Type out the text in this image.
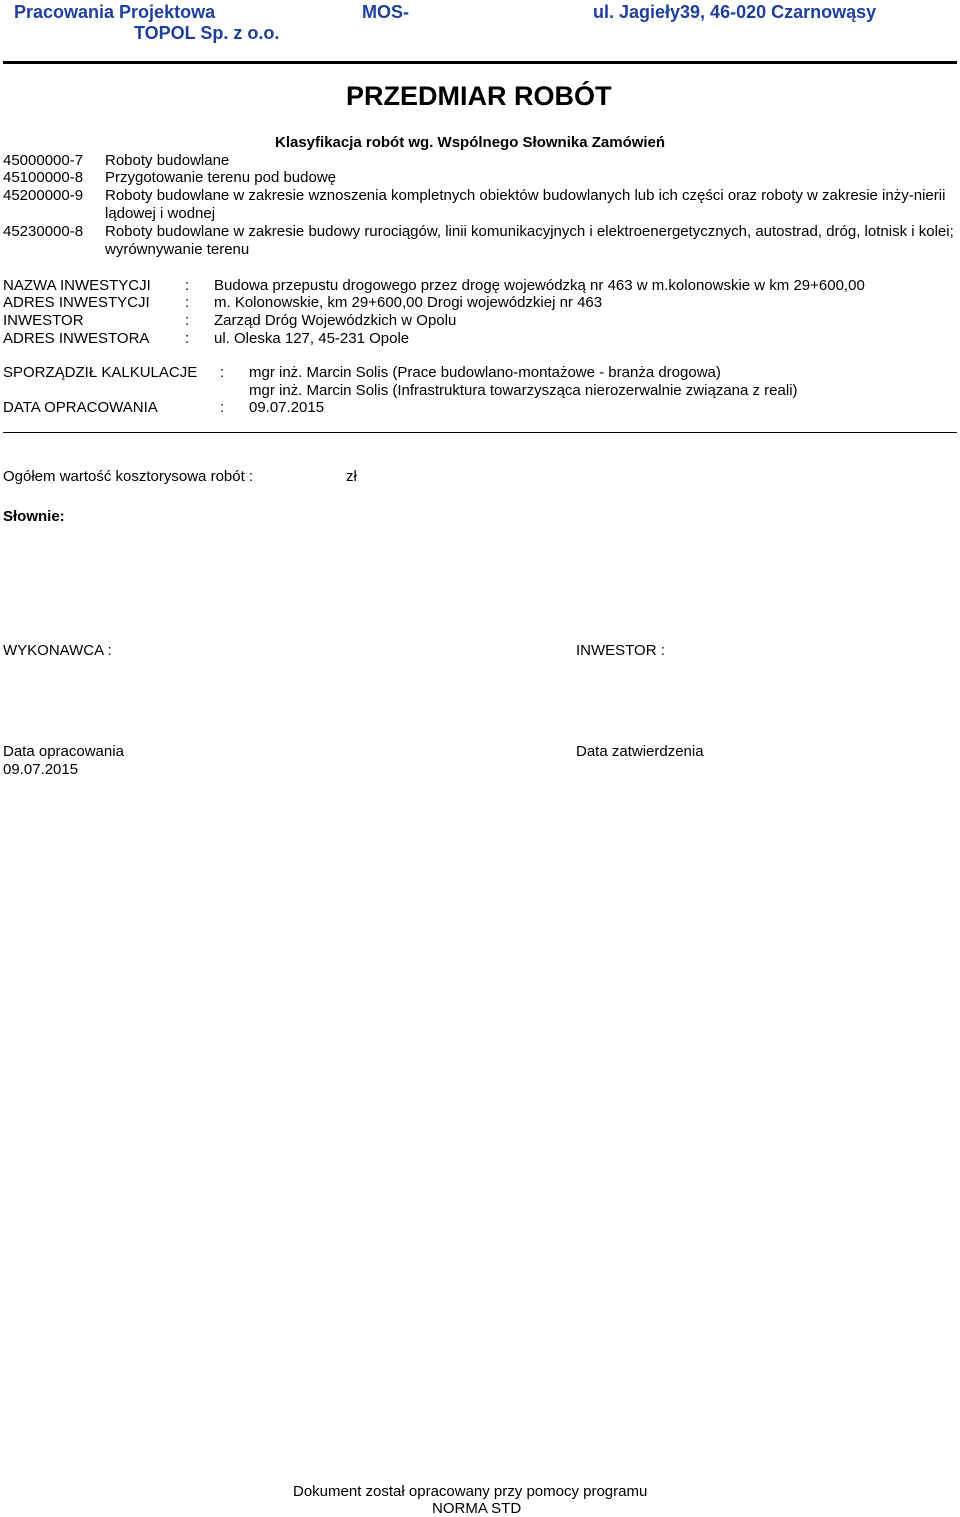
Pracowania Projektowa
TOPOL Sp. z o.o.
MOS-	ul. Jagieły39, 46-020 Czarnowąsy
PRZEDMIAR ROBÓT
Klasyfikacja robót wg. Wspólnego Słownika Zamówień
45000000-7	Roboty budowlane
45100000-8	Przygotowanie terenu pod budowę
45200000-9	Roboty budowlane w zakresie wznoszenia kompletnych obiektów budowlanych lub ich części oraz roboty w zakresie inży-nierii lądowej i wodnej
45230000-8	Roboty budowlane w zakresie budowy rurociągów, linii komunikacyjnych i elektroenergetycznych, autostrad, dróg, lotnisk i kolei; wyrównywanie terenu
NAZWA INWESTYCJI : Budowa przepustu drogowego przez drogę wojewódzką nr 463 w m.kolonowskie w km 29+600,00
ADRES INWESTYCJI : m. Kolonowskie, km 29+600,00 Drogi wojewódzkiej nr 463
INWESTOR	: Zarząd Dróg Wojewódzkich w Opolu
ADRES INWESTORA : ul. Oleska 127, 45-231 Opole
SPORZĄDZIŁ KALKULACJE : mgr inż. Marcin Solis (Prace budowlano-montażowe - branża drogowa)
mgr inż. Marcin Solis (Infrastruktura towarzysząca nierozerwalnie związana z reali)
DATA OPRACOWANIA	: 09.07.2015
Ogółem wartość kosztorysowa robót :	zł
Słownie:
WYKONAWCA :	INWESTOR :
Data opracowania
09.07.2015
Data zatwierdzenia
Dokument został opracowany przy pomocy programu
NORMA STD
